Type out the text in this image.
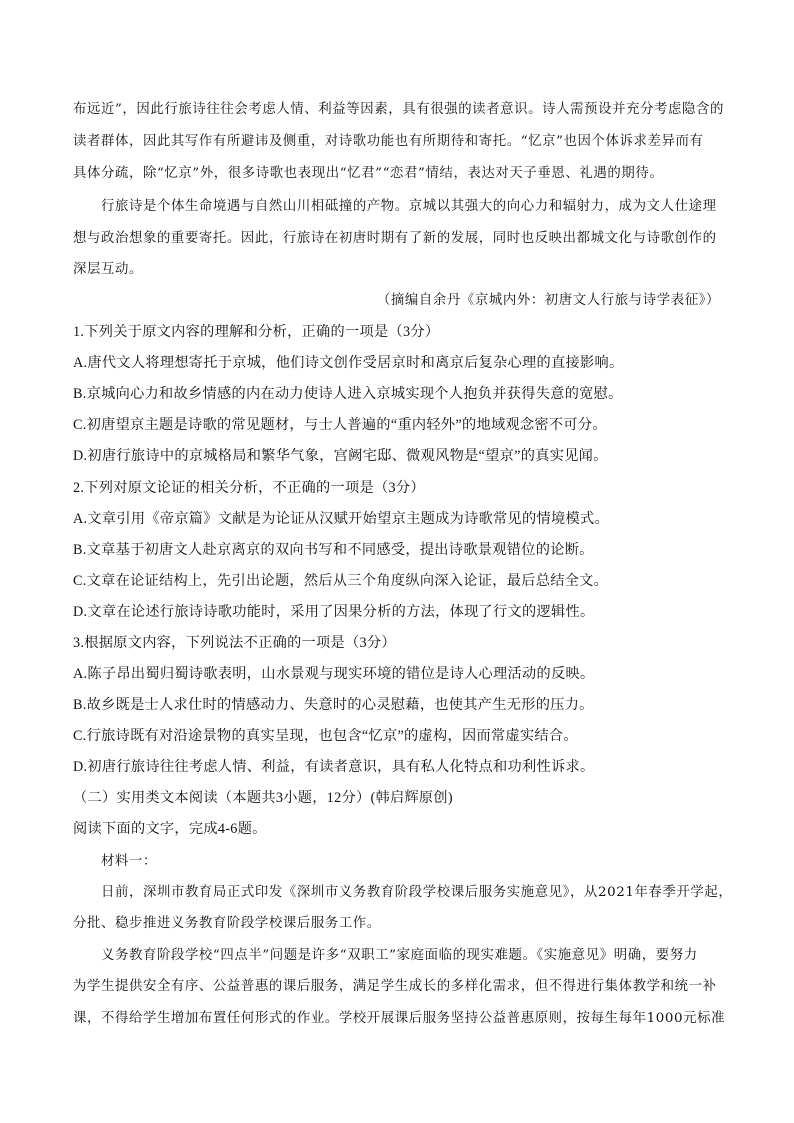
布远近”，因此行旅诗往往会考虑人情、利益等因素，具有很强的读者意识。诗人需预设并充分考虑隐含的
读者群体，因此其写作有所避讳及侧重，对诗歌功能也有所期待和寄托。“忆京”也因个体诉求差异而有
具体分疏，除“忆京”外，很多诗歌也表现出“忆君”“恋君”情结，表达对天子垂恩、礼遇的期待。
行旅诗是个体生命境遇与自然山川相砥撞的产物。京城以其强大的向心力和辐射力，成为文人仕途理
想与政治想象的重要寄托。因此，行旅诗在初唐时期有了新的发展，同时也反映出都城文化与诗歌创作的
深层互动。
（摘编自余丹《京城内外：初唐文人行旅与诗学表征》）
1.下列关于原文内容的理解和分析，正确的一项是（3分）
A.唐代文人将理想寄托于京城，他们诗文创作受居京时和离京后复杂心理的直接影响。
B.京城向心力和故乡情感的内在动力使诗人进入京城实现个人抱负并获得失意的宽慰。
C.初唐望京主题是诗歌的常见题材，与士人普遍的“重内轻外”的地域观念密不可分。
D.初唐行旅诗中的京城格局和繁华气象，宫阙宅邸、微观风物是“望京”的真实见闻。
2.下列对原文论证的相关分析，不正确的一项是（3分）
A.文章引用《帝京篇》文献是为论证从汉赋开始望京主题成为诗歌常见的情境模式。
B.文章基于初唐文人赴京离京的双向书写和不同感受，提出诗歌景观错位的论断。
C.文章在论证结构上，先引出论题，然后从三个角度纵向深入论证，最后总结全文。
D.文章在论述行旅诗诗歌功能时，采用了因果分析的方法，体现了行文的逻辑性。
3.根据原文内容，下列说法不正确的一项是（3分）
A.陈子昂出蜀归蜀诗歌表明，山水景观与现实环境的错位是诗人心理活动的反映。
B.故乡既是士人求仕时的情感动力、失意时的心灵慰藉，也使其产生无形的压力。
C.行旅诗既有对沿途景物的真实呈现，也包含“忆京”的虚构，因而常虚实结合。
D.初唐行旅诗往往考虑人情、利益，有读者意识，具有私人化特点和功利性诉求。
（二）实用类文本阅读（本题共3小题，12分）(韩启辉原创)
阅读下面的文字，完成4-6题。
材料一：
日前，深圳市教育局正式印发《深圳市义务教育阶段学校课后服务实施意见》，从2021年春季开学起，
分批、稳步推进义务教育阶段学校课后服务工作。
义务教育阶段学校“四点半”问题是许多“双职工”家庭面临的现实难题。《实施意见》明确，要努力
为学生提供安全有序、公益普惠的课后服务，满足学生成长的多样化需求，但不得进行集体教学和统一补
课，不得给学生增加布置任何形式的作业。学校开展课后服务坚持公益普惠原则，按每生每年1000元标准
